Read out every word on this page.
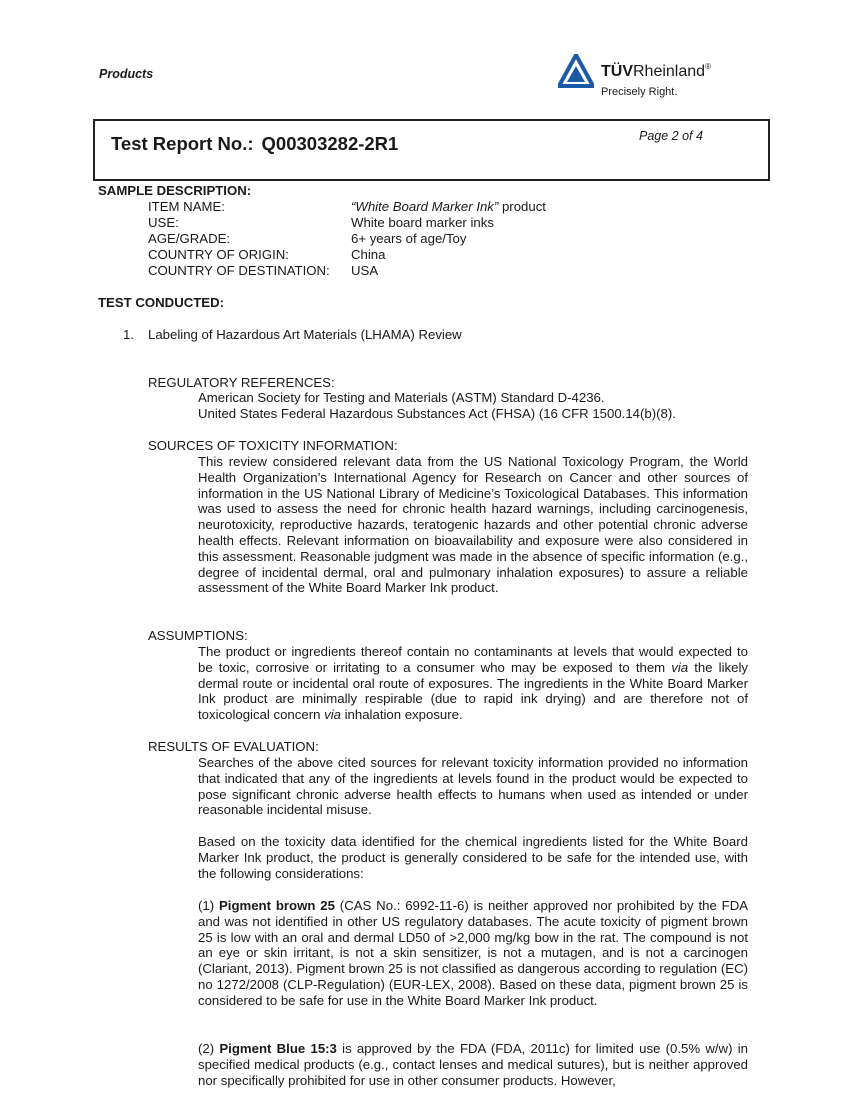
Products	TÜVRheinland®
Precisely Right.
Test Report No.: Q00303282-2R1	Page 2 of 4
SAMPLE DESCRIPTION:
ITEM NAME:	“White Board Marker Ink” product
USE:	White board marker inks
AGE/GRADE:	6+ years of age/Toy
COUNTRY OF ORIGIN:	China
COUNTRY OF DESTINATION: USA
TEST CONDUCTED:
1. Labeling of Hazardous Art Materials (LHAMA) Review
REGULATORY REFERENCES:
American Society for Testing and Materials (ASTM) Standard D-4236.
United States Federal Hazardous Substances Act (FHSA) (16 CFR 1500.14(b)(8).
SOURCES OF TOXICITY INFORMATION:
This review considered relevant data from the US National Toxicology Program, the World Health Organization’s International Agency for Research on Cancer and other sources of information in the US National Library of Medicine’s Toxicological Databases. This information was used to assess the need for chronic health hazard warnings, including carcinogenesis, neurotoxicity, reproductive hazards, teratogenic hazards and other potential chronic adverse health effects. Relevant information on bioavailability and exposure were also considered in this assessment. Reasonable judgment was made in the absence of specific information (e.g., degree of incidental dermal, oral and pulmonary inhalation exposures) to assure a reliable assessment of the White Board Marker Ink product.
ASSUMPTIONS:
The product or ingredients thereof contain no contaminants at levels that would expected to be toxic, corrosive or irritating to a consumer who may be exposed to them via the likely dermal route or incidental oral route of exposures. The ingredients in the White Board Marker Ink product are minimally respirable (due to rapid ink drying) and are therefore not of toxicological concern via inhalation exposure.
RESULTS OF EVALUATION:
Searches of the above cited sources for relevant toxicity information provided no information that indicated that any of the ingredients at levels found in the product would be expected to pose significant chronic adverse health effects to humans when used as intended or under reasonable incidental misuse.
Based on the toxicity data identified for the chemical ingredients listed for the White Board Marker Ink product, the product is generally considered to be safe for the intended use, with the following considerations:
(1) Pigment brown 25 (CAS No.: 6992-11-6) is neither approved nor prohibited by the FDA and was not identified in other US regulatory databases. The acute toxicity of pigment brown 25 is low with an oral and dermal LD50 of >2,000 mg/kg bow in the rat. The compound is not an eye or skin irritant, is not a skin sensitizer, is not a mutagen, and is not a carcinogen (Clariant, 2013). Pigment brown 25 is not classified as dangerous according to regulation (EC) no 1272/2008 (CLP-Regulation) (EUR-LEX, 2008). Based on these data, pigment brown 25 is considered to be safe for use in the White Board Marker Ink product.
(2) Pigment Blue 15:3 is approved by the FDA (FDA, 2011c) for limited use (0.5% w/w) in specified medical products (e.g., contact lenses and medical sutures), but is neither approved nor specifically prohibited for use in other consumer products. However,
